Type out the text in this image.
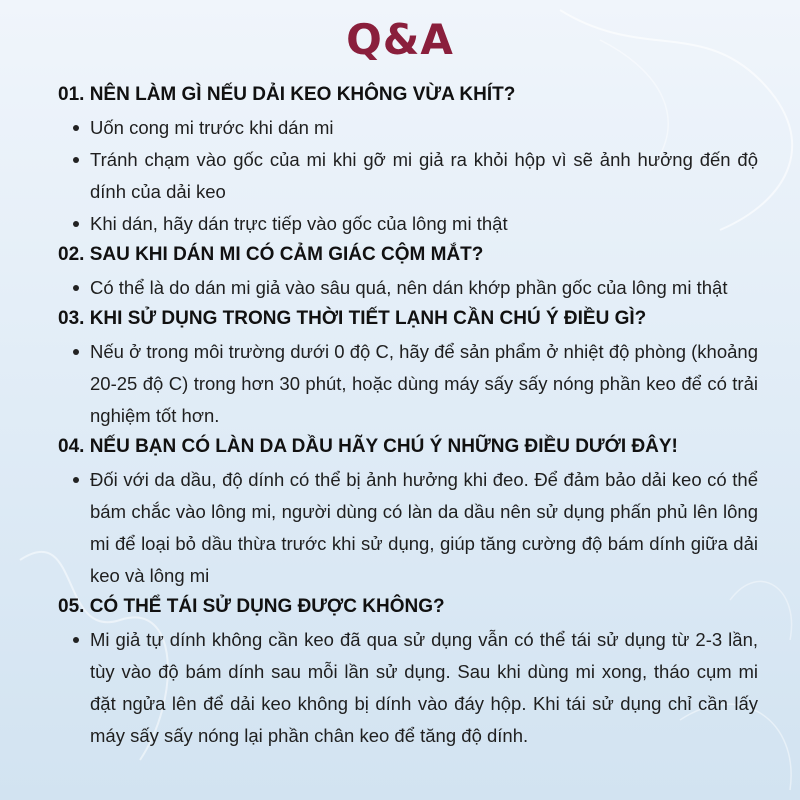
Q&A
01. NÊN LÀM GÌ NẾU DẢI KEO KHÔNG VỪA KHÍT?
Uốn cong mi trước khi dán mi
Tránh chạm vào gốc của mi khi gỡ mi giả ra khỏi hộp vì sẽ ảnh hưởng đến độ dính của dải keo
Khi dán, hãy dán trực tiếp vào gốc của lông mi thật
02. SAU KHI DÁN MI CÓ CẢM GIÁC CỘM MẮT?
Có thể là do dán mi giả vào sâu quá, nên dán khớp phần gốc của lông mi thật
03. KHI SỬ DỤNG TRONG THỜI TIẾT LẠNH CẦN CHÚ Ý ĐIỀU GÌ?
Nếu ở trong môi trường dưới 0 độ C, hãy để sản phẩm ở nhiệt độ phòng (khoảng 20-25 độ C) trong hơn 30 phút, hoặc dùng máy sấy sấy nóng phần keo để có trải nghiệm tốt hơn.
04. NẾU BẠN CÓ LÀN DA DẦU HÃY CHÚ Ý NHỮNG ĐIỀU DƯỚI ĐÂY!
Đối với da dầu, độ dính có thể bị ảnh hưởng khi đeo. Để đảm bảo dải keo có thể bám chắc vào lông mi, người dùng có làn da dầu nên sử dụng phấn phủ lên lông mi để loại bỏ dầu thừa trước khi sử dụng, giúp tăng cường độ bám dính giữa dải keo và lông mi
05. CÓ THỂ TÁI SỬ DỤNG ĐƯỢC KHÔNG?
Mi giả tự dính không cần keo đã qua sử dụng vẫn có thể tái sử dụng từ 2-3 lần, tùy vào độ bám dính sau mỗi lần sử dụng. Sau khi dùng mi xong, tháo cụm mi đặt ngửa lên để dải keo không bị dính vào đáy hộp. Khi tái sử dụng chỉ cần lấy máy sấy sấy nóng lại phần chân keo để tăng độ dính.
